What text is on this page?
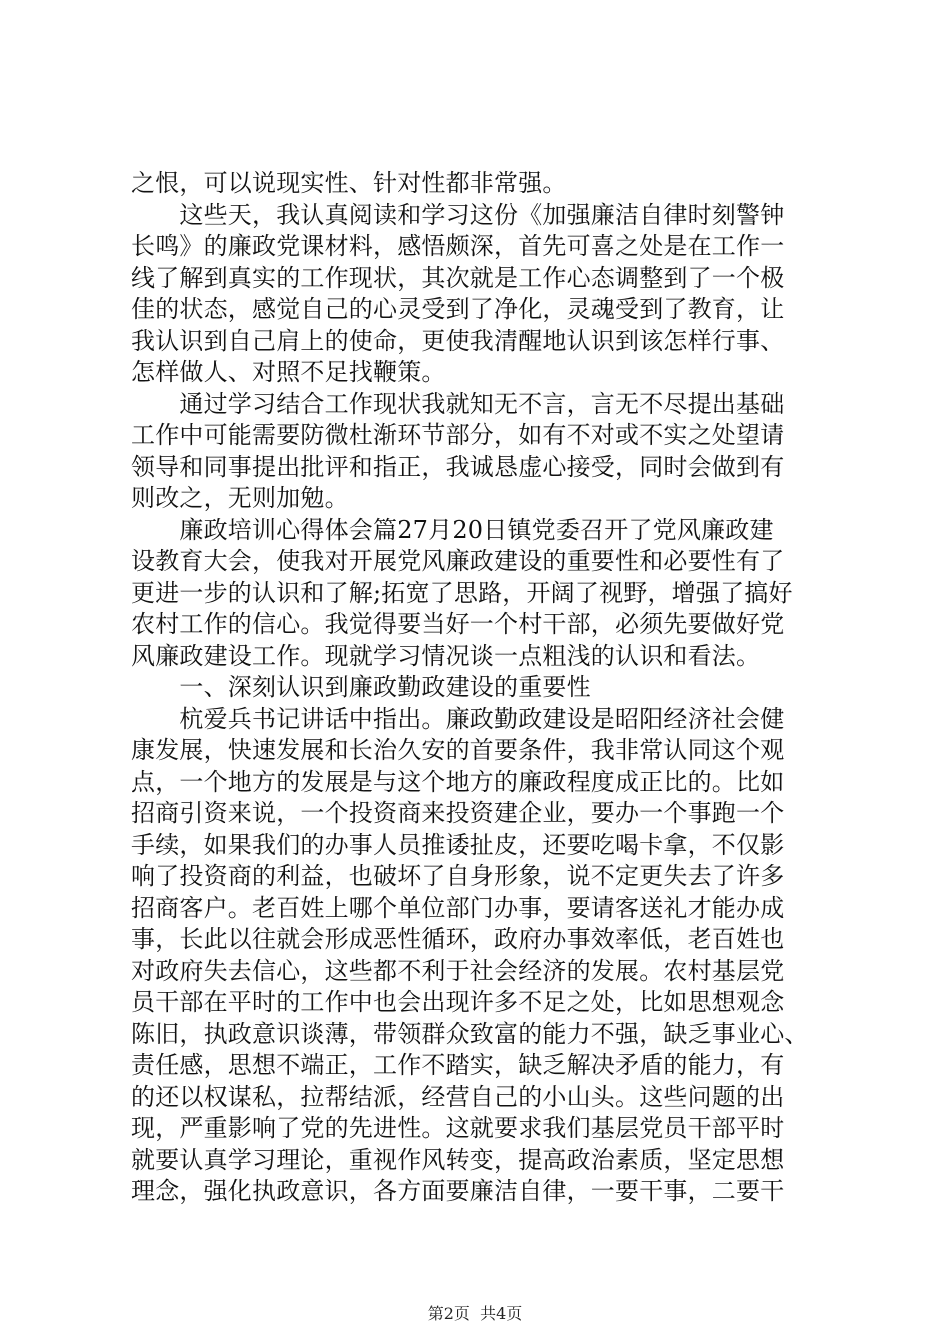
之恨，可以说现实性、针对性都非常强。
　　这些天，我认真阅读和学习这份《加强廉洁自律时刻警钟
长鸣》的廉政党课材料，感悟颇深，首先可喜之处是在工作一
线了解到真实的工作现状，其次就是工作心态调整到了一个极
佳的状态，感觉自己的心灵受到了净化，灵魂受到了教育，让
我认识到自己肩上的使命，更使我清醒地认识到该怎样行事、
怎样做人、对照不足找鞭策。
　　通过学习结合工作现状我就知无不言，言无不尽提出基础
工作中可能需要防微杜渐环节部分，如有不对或不实之处望请
领导和同事提出批评和指正，我诚恳虚心接受，同时会做到有
则改之，无则加勉。
　　廉政培训心得体会篇27月20日镇党委召开了党风廉政建
设教育大会，使我对开展党风廉政建设的重要性和必要性有了
更进一步的认识和了解;拓宽了思路，开阔了视野，增强了搞好
农村工作的信心。我觉得要当好一个村干部，必须先要做好党
风廉政建设工作。现就学习情况谈一点粗浅的认识和看法。
　　一、深刻认识到廉政勤政建设的重要性
　　杭爱兵书记讲话中指出。廉政勤政建设是昭阳经济社会健
康发展，快速发展和长治久安的首要条件，我非常认同这个观
点，一个地方的发展是与这个地方的廉政程度成正比的。比如
招商引资来说，一个投资商来投资建企业，要办一个事跑一个
手续，如果我们的办事人员推诿扯皮，还要吃喝卡拿，不仅影
响了投资商的利益，也破坏了自身形象，说不定更失去了许多
招商客户。老百姓上哪个单位部门办事，要请客送礼才能办成
事，长此以往就会形成恶性循环，政府办事效率低，老百姓也
对政府失去信心，这些都不利于社会经济的发展。农村基层党
员干部在平时的工作中也会出现许多不足之处，比如思想观念
陈旧，执政意识谈薄，带领群众致富的能力不强，缺乏事业心、
责任感，思想不端正，工作不踏实，缺乏解决矛盾的能力，有
的还以权谋私，拉帮结派，经营自己的小山头。这些问题的出
现，严重影响了党的先进性。这就要求我们基层党员干部平时
就要认真学习理论，重视作风转变，提高政治素质，坚定思想
理念，强化执政意识，各方面要廉洁自律，一要干事，二要干
第2页  共4页
